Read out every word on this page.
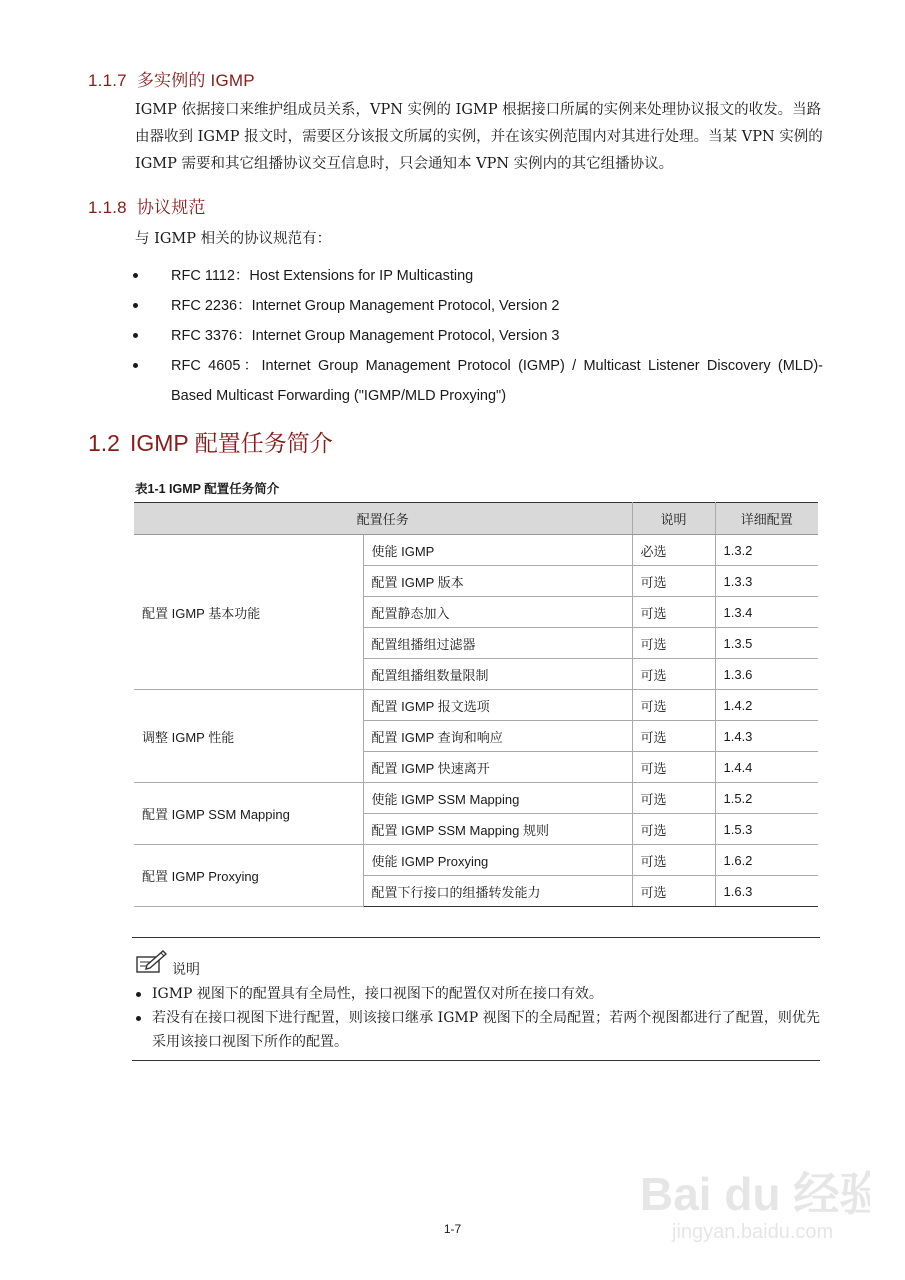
1.1.7 多实例的 IGMP

IGMP 依据接口来维护组成员关系，VPN 实例的 IGMP 根据接口所属的实例来处理协议报文的收发。当路由器收到 IGMP 报文时，需要区分该报文所属的实例，并在该实例范围内对其进行处理。当某 VPN 实例的 IGMP 需要和其它组播协议交互信息时，只会通知本 VPN 实例内的其它组播协议。

1.1.8 协议规范
与 IGMP 相关的协议规范有：
RFC 1112：Host Extensions for IP Multicasting
RFC 2236：Internet Group Management Protocol, Version 2
RFC 3376：Internet Group Management Protocol, Version 3
RFC 4605：Internet Group Management Protocol (IGMP) / Multicast Listener Discovery (MLD)-Based Multicast Forwarding ("IGMP/MLD Proxying")
1.2 IGMP 配置任务简介
表1-1 IGMP 配置任务简介
配置任务		说明	详细配置
配置 IGMP 基本功能	使能 IGMP	必选	1.3.2
	配置 IGMP 版本	可选	1.3.3
	配置静态加入	可选	1.3.4
	配置组播组过滤器	可选	1.3.5
	配置组播组数量限制	可选	1.3.6
调整 IGMP 性能	配置 IGMP 报文选项	可选	1.4.2
	配置 IGMP 查询和响应	可选	1.4.3
	配置 IGMP 快速离开	可选	1.4.4
配置 IGMP SSM Mapping	使能 IGMP SSM Mapping	可选	1.5.2
	配置 IGMP SSM Mapping 规则	可选	1.5.3
配置 IGMP Proxying	使能 IGMP Proxying	可选	1.6.2
	配置下行接口的组播转发能力	可选	1.6.3
说明
IGMP 视图下的配置具有全局性，接口视图下的配置仅对所在接口有效。
若没有在接口视图下进行配置，则该接口继承 IGMP 视图下的全局配置；若两个视图都进行了配置，则优先采用该接口视图下所作的配置。
Bai du 经验
jingyan.baidu.com
1-7
